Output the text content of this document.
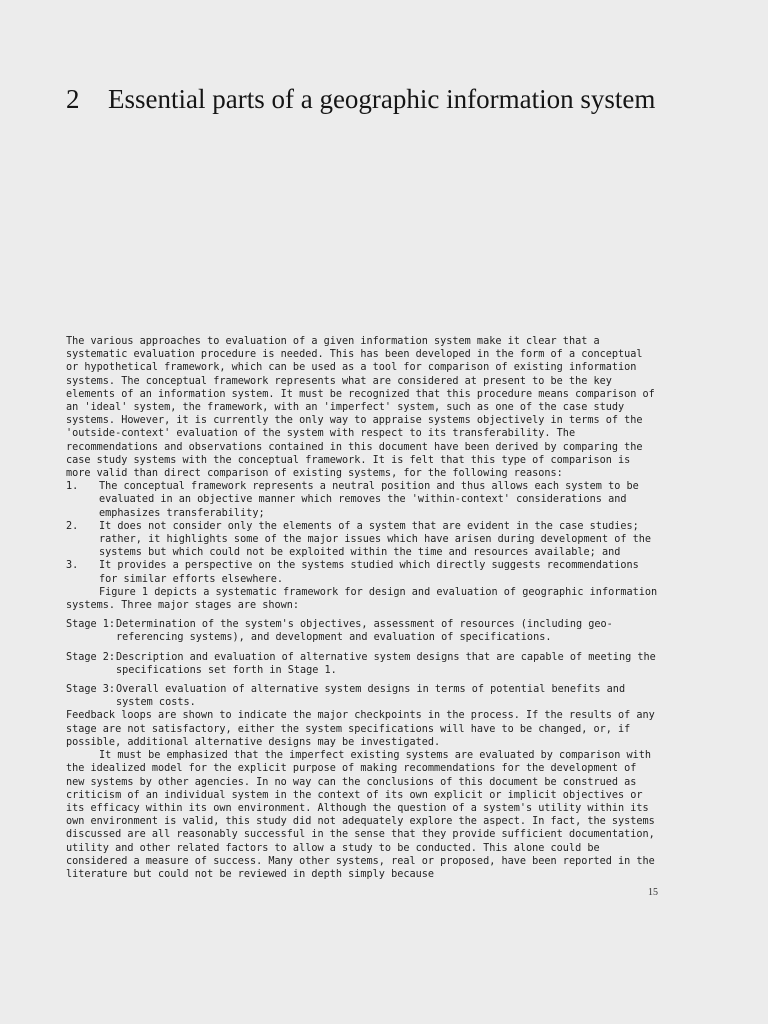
2 Essential parts of a geographic information system

The various approaches to evaluation of a given information system make it clear that a systematic evaluation procedure is needed. This has been developed in the form of a conceptual or hypothetical framework, which can be used as a tool for comparison of existing information systems. The conceptual framework represents what are considered at present to be the key elements of an information system. It must be recognized that this procedure means comparison of an 'ideal' system, the framework, with an 'imperfect' system, such as one of the case study systems. However, it is currently the only way to appraise systems objectively in terms of the 'outside-context' evaluation of the system with respect to its transferability. The recommendations and observations contained in this document have been derived by comparing the case study systems with the conceptual framework. It is felt that this type of comparison is more valid than direct comparison of existing systems, for the following reasons:

1. The conceptual framework represents a neutral position and thus allows each system to be evaluated in an objective manner which removes the 'within-context' considerations and emphasizes transferability;
2. It does not consider only the elements of a system that are evident in the case studies; rather, it highlights some of the major issues which have arisen during development of the systems but which could not be exploited within the time and resources available; and
3. It provides a perspective on the systems studied which directly suggests recommendations for similar efforts elsewhere.

Figure 1 depicts a systematic framework for design and evaluation of geographic information systems. Three major stages are shown:

Stage 1: Determination of the system's objectives, assessment of resources (including geo-referencing systems), and development and evaluation of specifications.
Stage 2: Description and evaluation of alternative system designs that are capable of meeting the specifications set forth in Stage 1.
Stage 3: Overall evaluation of alternative system designs in terms of potential benefits and system costs.

Feedback loops are shown to indicate the major checkpoints in the process. If the results of any stage are not satisfactory, either the system specifications will have to be changed, or, if possible, additional alternative designs may be investigated.

It must be emphasized that the imperfect existing systems are evaluated by comparison with the idealized model for the explicit purpose of making recommendations for the development of new systems by other agencies. In no way can the conclusions of this document be construed as criticism of an individual system in the context of its own explicit or implicit objectives or its efficacy within its own environment. Although the question of a system's utility within its own environment is valid, this study did not adequately explore the aspect. In fact, the systems discussed are all reasonably successful in the sense that they provide sufficient documentation, utility and other related factors to allow a study to be conducted. This alone could be considered a measure of success. Many other systems, real or proposed, have been reported in the literature but could not be reviewed in depth simply because

15
